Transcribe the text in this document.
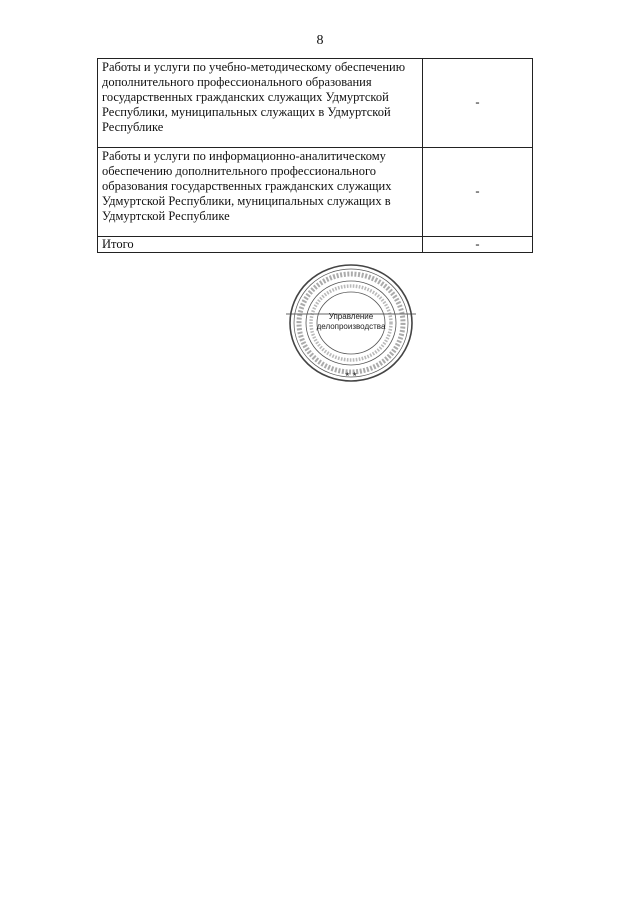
8
Работы и услуги по учебно-методическому обеспечению дополнительного профессионального образования государственных гражданских служащих Удмуртской Республики, муниципальных служащих в Удмуртской Республике	-
Работы и услуги по информационно-аналитическому обеспечению дополнительного профессионального образования государственных гражданских служащих Удмуртской Республики, муниципальных служащих в Удмуртской Республике	-
Итого	-
★ ★
Управление
делопроизводства
